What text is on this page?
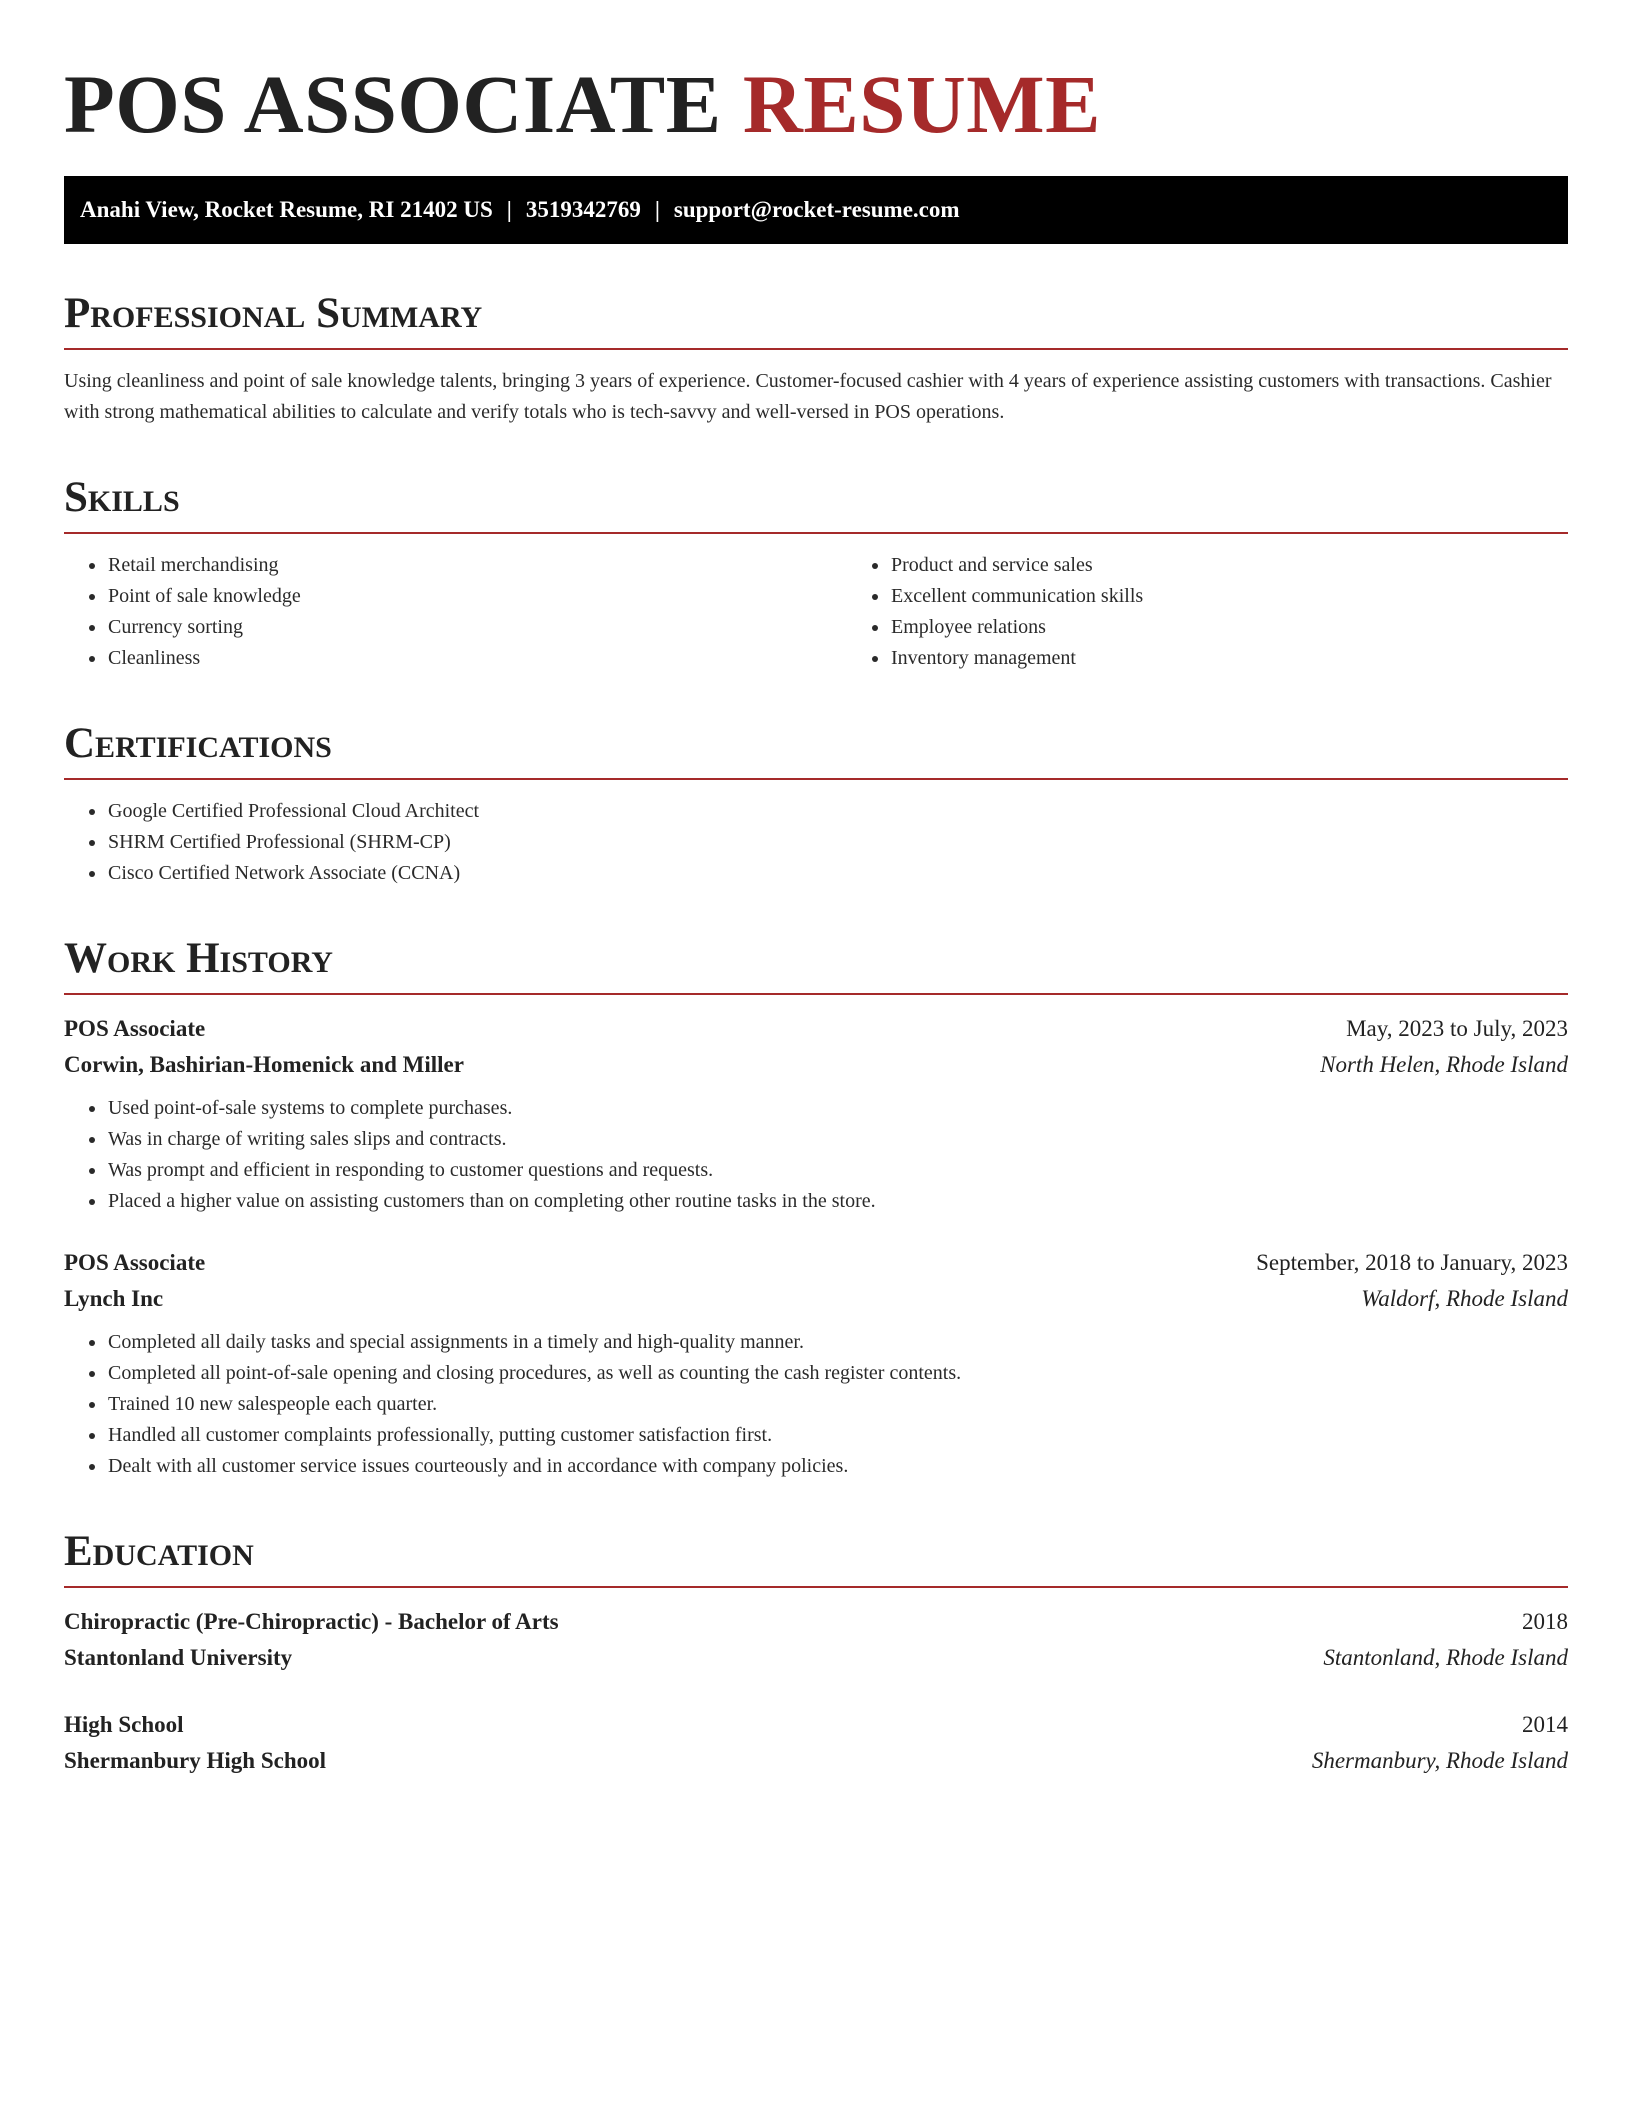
POS ASSOCIATE RESUME
Anahi View, Rocket Resume, RI 21402 US | 3519342769 | support@rocket-resume.com
Professional Summary

Using cleanliness and point of sale knowledge talents, bringing 3 years of experience. Customer-focused cashier with 4 years of experience assisting customers with transactions. Cashier with strong mathematical abilities to calculate and verify totals who is tech-savvy and well-versed in POS operations.

Skills
• Retail merchandising
• Point of sale knowledge
• Currency sorting
• Cleanliness
• Product and service sales
• Excellent communication skills
• Employee relations
• Inventory management
Certifications
• Google Certified Professional Cloud Architect
• SHRM Certified Professional (SHRM-CP)
• Cisco Certified Network Associate (CCNA)
Work History
POS Associate	May, 2023 to July, 2023
Corwin, Bashirian-Homenick and Miller	North Helen, Rhode Island
• Used point-of-sale systems to complete purchases.
• Was in charge of writing sales slips and contracts.
• Was prompt and efficient in responding to customer questions and requests.
• Placed a higher value on assisting customers than on completing other routine tasks in the store.
POS Associate	September, 2018 to January, 2023
Lynch Inc	Waldorf, Rhode Island
• Completed all daily tasks and special assignments in a timely and high-quality manner.
• Completed all point-of-sale opening and closing procedures, as well as counting the cash register contents.
• Trained 10 new salespeople each quarter.
• Handled all customer complaints professionally, putting customer satisfaction first.
• Dealt with all customer service issues courteously and in accordance with company policies.
Education
Chiropractic (Pre-Chiropractic) - Bachelor of Arts	2018
Stantonland University	Stantonland, Rhode Island
High School	2014
Shermanbury High School	Shermanbury, Rhode Island
